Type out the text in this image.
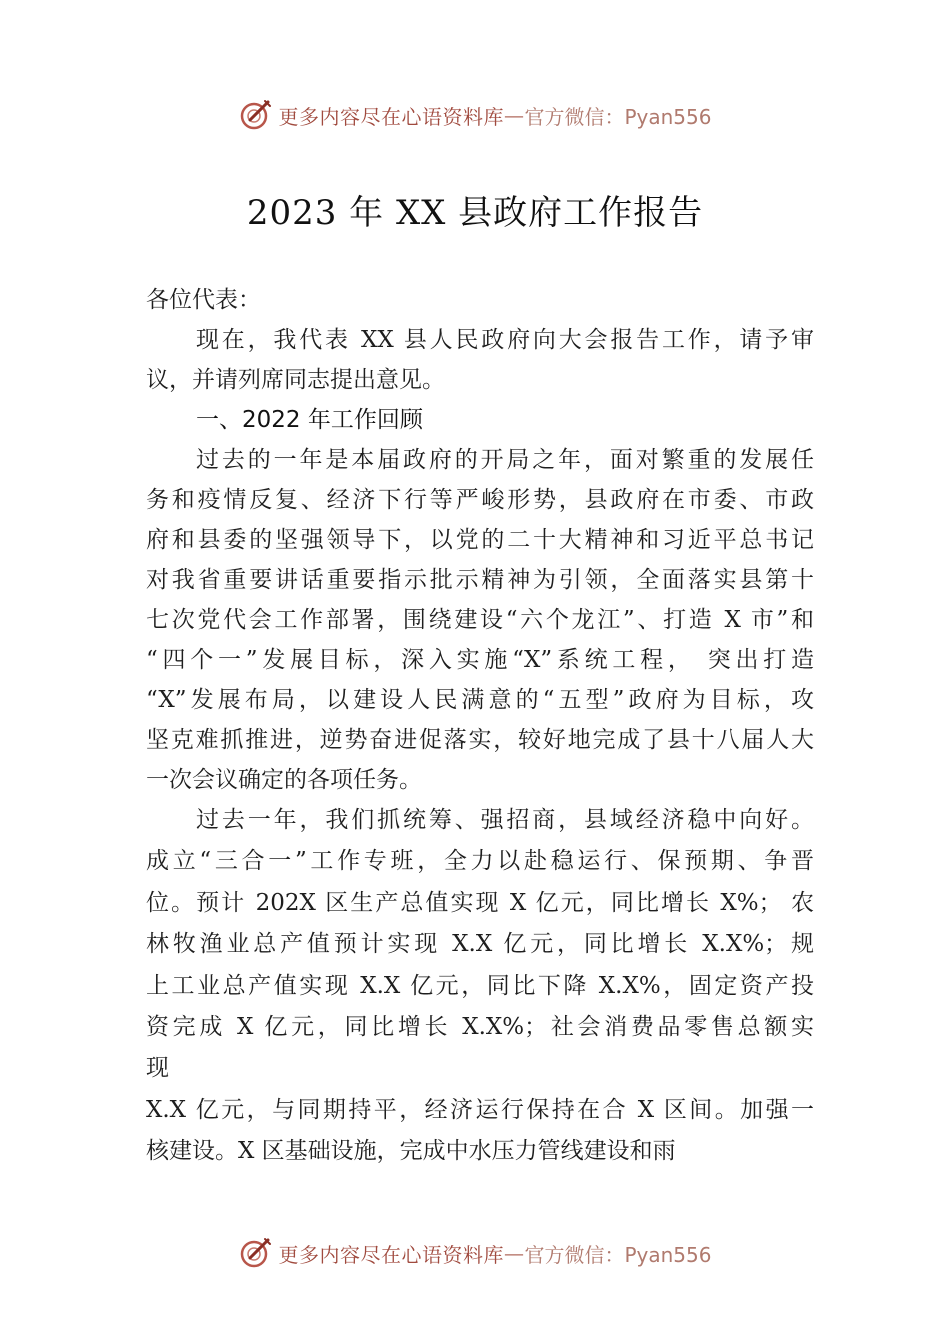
更多内容尽在心语资料库 — 官方微信：Pyan556
2023 年 XX 县政府工作报告
各位代表：
现在，我代表 XX 县人民政府向大会报告工作，请予审
议，并请列席同志提出意见。
一、2022 年工作回顾
过去的一年是本届政府的开局之年，面对繁重的发展任
务和疫情反复、经济下行等严峻形势，县政府在市委、市政
府和县委的坚强领导下，以党的二十大精神和习近平总书记
对我省重要讲话重要指示批示精神为引领，全面落实县第十
七次党代会工作部署，围绕建设“六个龙江”、打造 X 市”和
“四个一”发展目标，深入实施“X”系统工程， 突出打造
“X”发展布局，以建设人民满意的“五型”政府为目标，攻
坚克难抓推进，逆势奋进促落实，较好地完成了县十八届人大
一次会议确定的各项任务。
过去一年，我们抓统筹、强招商，县域经济稳中向好。
成立“三合一”工作专班，全力以赴稳运行、保预期、争晋
位。预计 202X 区生产总值实现 X 亿元，同比增长 X%； 农
林牧渔业总产值预计实现 X.X 亿元，同比增长 X.X%；规
上工业总产值实现 X.X 亿元，同比下降 X.X%，固定资产投
资完成 X 亿元，同比增长 X.X%；社会消费品零售总额实
现
X.X 亿元，与同期持平，经济运行保持在合 X 区间。加强一
核建设。X 区基础设施，完成中水压力管线建设和雨
更多内容尽在心语资料库 — 官方微信：Pyan556
